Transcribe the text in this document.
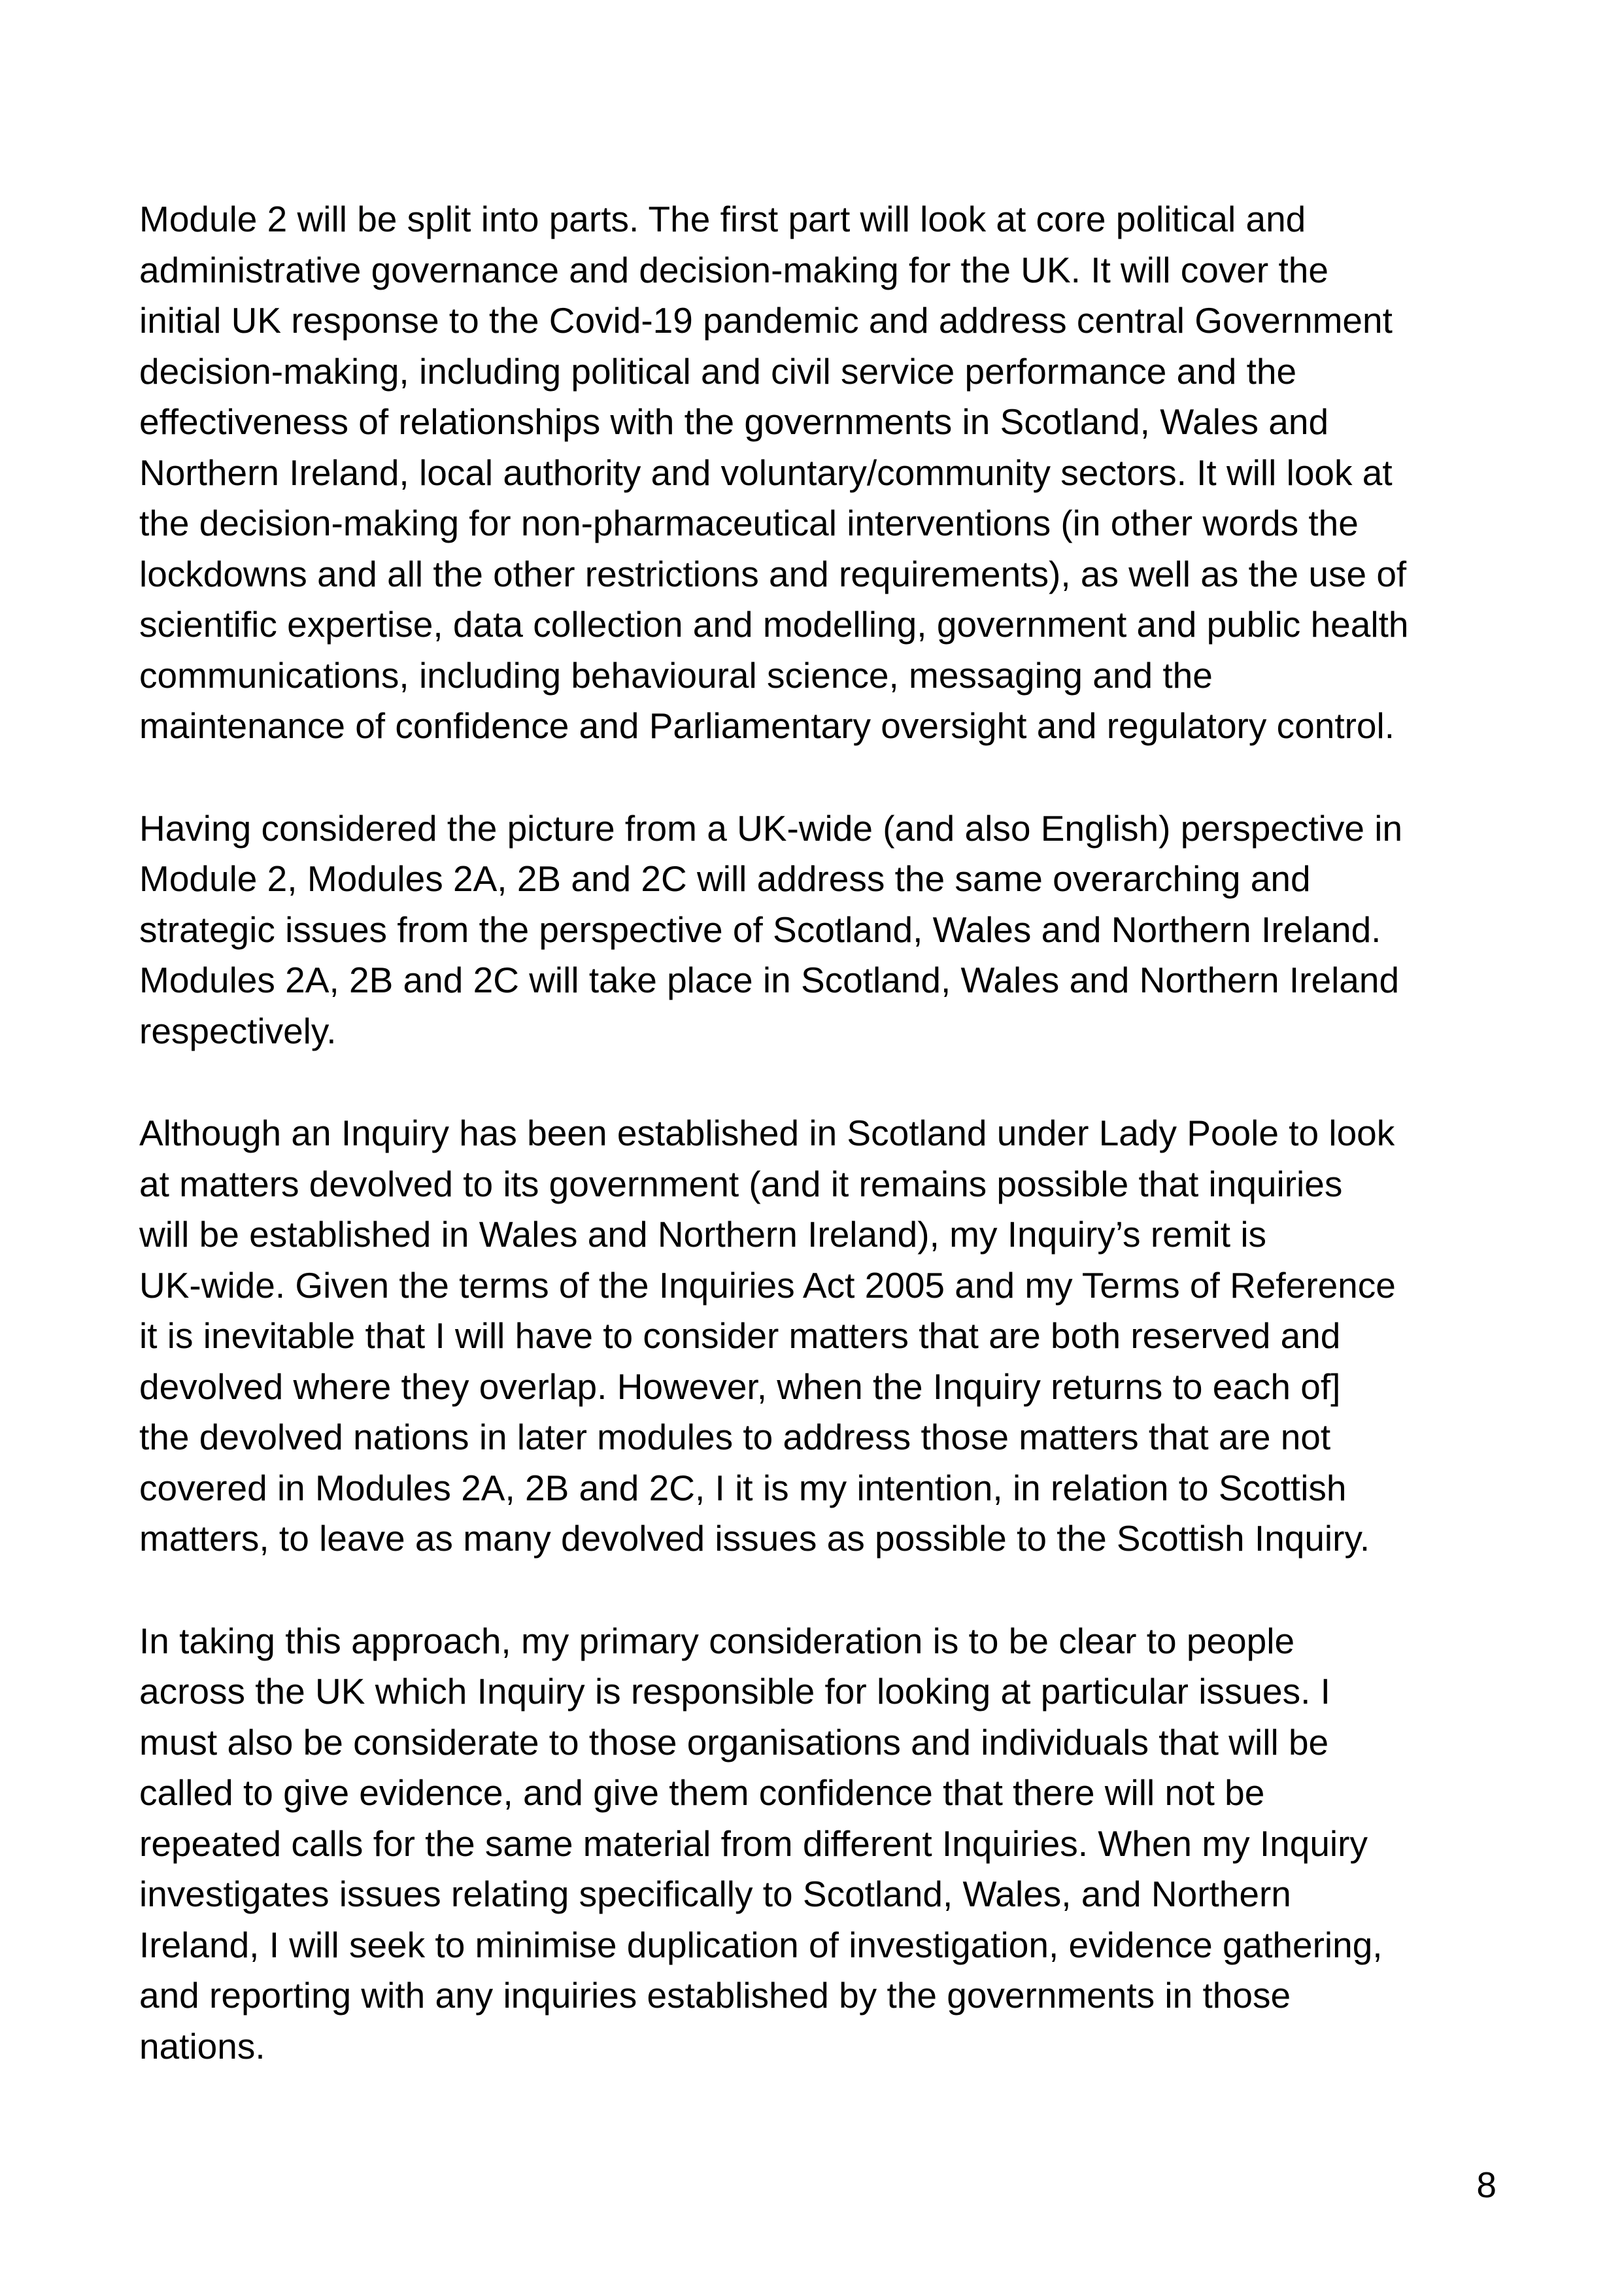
Module 2 will be split into parts. The first part will look at core political and
administrative governance and decision-making for the UK. It will cover the
initial UK response to the Covid-19 pandemic and address central Government
decision-making, including political and civil service performance and the
effectiveness of relationships with the governments in Scotland, Wales and
Northern Ireland, local authority and voluntary/community sectors. It will look at
the decision-making for non-pharmaceutical interventions (in other words the
lockdowns and all the other restrictions and requirements), as well as the use of
scientific expertise, data collection and modelling, government and public health
communications, including behavioural science, messaging and the
maintenance of confidence and Parliamentary oversight and regulatory control.

Having considered the picture from a UK-wide (and also English) perspective in
Module 2, Modules 2A, 2B and 2C will address the same overarching and
strategic issues from the perspective of Scotland, Wales and Northern Ireland.
Modules 2A, 2B and 2C will take place in Scotland, Wales and Northern Ireland
respectively.

Although an Inquiry has been established in Scotland under Lady Poole to look
at matters devolved to its government (and it remains possible that inquiries
will be established in Wales and Northern Ireland), my Inquiry’s remit is
UK-wide. Given the terms of the Inquiries Act 2005 and my Terms of Reference
it is inevitable that I will have to consider matters that are both reserved and
devolved where they overlap. However, when the Inquiry returns to each of]
the devolved nations in later modules to address those matters that are not
covered in Modules 2A, 2B and 2C, I it is my intention, in relation to Scottish
matters, to leave as many devolved issues as possible to the Scottish Inquiry.

In taking this approach, my primary consideration is to be clear to people
across the UK which Inquiry is responsible for looking at particular issues. I
must also be considerate to those organisations and individuals that will be
called to give evidence, and give them confidence that there will not be
repeated calls for the same material from different Inquiries. When my Inquiry
investigates issues relating specifically to Scotland, Wales, and Northern
Ireland, I will seek to minimise duplication of investigation, evidence gathering,
and reporting with any inquiries established by the governments in those
nations.

8
